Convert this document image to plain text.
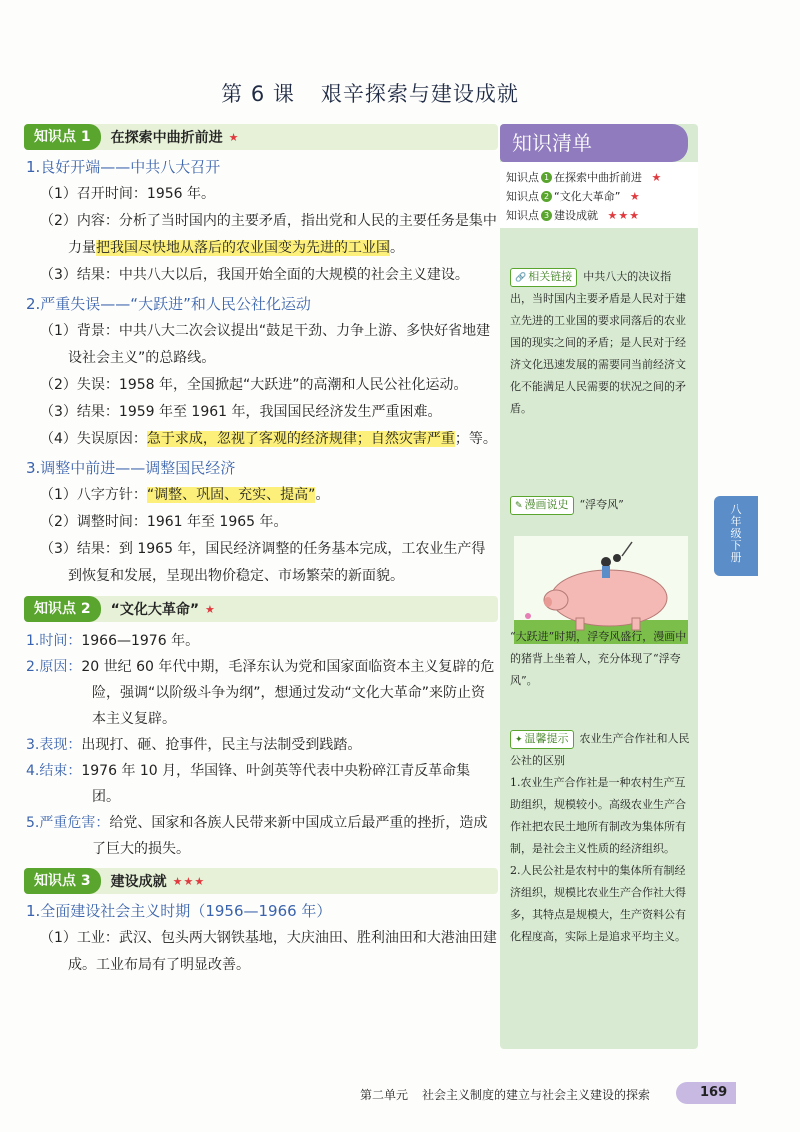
第 6 课 艰辛探索与建设成就
知识点 1	在探索中曲折前进 ★
1.良好开端——中共八大召开
（1）召开时间：1956 年。
（2）内容：分析了当时国内的主要矛盾，指出党和人民的主要任务是集中力量把我国尽快地从落后的农业国变为先进的工业国。
（3）结果：中共八大以后，我国开始全面的大规模的社会主义建设。
2.严重失误——“大跃进”和人民公社化运动
（1）背景：中共八大二次会议提出“鼓足干劲、力争上游、多快好省地建设社会主义”的总路线。
（2）失误：1958 年，全国掀起“大跃进”的高潮和人民公社化运动。
（3）结果：1959 年至 1961 年，我国国民经济发生严重困难。
（4）失误原因：急于求成，忽视了客观的经济规律；自然灾害严重；等。
3.调整中前进——调整国民经济
（1）八字方针：“调整、巩固、充实、提高”。
（2）调整时间：1961 年至 1965 年。
（3）结果：到 1965 年，国民经济调整的任务基本完成，工农业生产得到恢复和发展，呈现出物价稳定、市场繁荣的新面貌。
知识点 2	“文化大革命” ★
1.时间：1966—1976 年。
2.原因：20 世纪 60 年代中期，毛泽东认为党和国家面临资本主义复辟的危险，强调“以阶级斗争为纲”，想通过发动“文化大革命”来防止资本主义复辟。
3.表现：出现打、砸、抢事件，民主与法制受到践踏。
4.结束：1976 年 10 月，华国锋、叶剑英等代表中央粉碎江青反革命集团。
5.严重危害：给党、国家和各族人民带来新中国成立后最严重的挫折，造成了巨大的损失。
知识点 3	建设成就 ★★★
1.全面建设社会主义时期（1956—1966 年）
（1）工业：武汉、包头两大钢铁基地，大庆油田、胜利油田和大港油田建成。工业布局有了明显改善。
知识清单
知识点 1 在探索中曲折前进 ★
知识点 2 “文化大革命” ★
知识点 3 建设成就 ★★★
🔗 相关链接 中共八大的决议指出，当时国内主要矛盾是人民对于建立先进的工业国的要求同落后的农业国的现实之间的矛盾；是人民对于经济文化迅速发展的需要同当前经济文化不能满足人民需要的状况之间的矛盾。
✎ 漫画说史 “浮夸风”
“大跃进”时期，浮夸风盛行，漫画中的猪背上坐着人，充分体现了“浮夸风”。
✦ 温馨提示 农业生产合作社和人民公社的区别
1.农业生产合作社是一种农村生产互助组织，规模较小。高级农业生产合作社把农民土地所有制改为集体所有制，是社会主义性质的经济组织。
2.人民公社是农村中的集体所有制经济组织，规模比农业生产合作社大得多，其特点是规模大，生产资料公有化程度高，实际上是追求平均主义。
八年级下册
第二单元 社会主义制度的建立与社会主义建设的探索	169
